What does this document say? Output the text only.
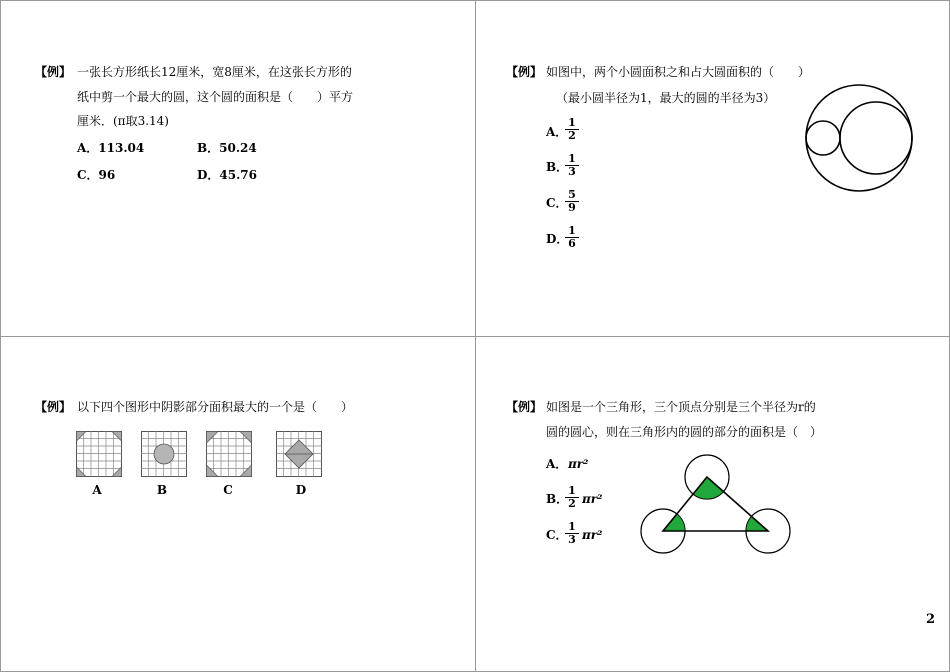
【例】 一张长方形纸长12厘米，宽8厘米，在这张长方形的
纸中剪一个最大的圆，这个圆的面积是（　　）平方
厘米．(π取3.14)
A．113.04	B．50.24
C．96	D．45.76
【例】 如图中，两个小圆面积之和占大圆面积的（　　）
（最小圆半径为1，最大的圆的半径为3）
A．
$\frac{1}{2}$
B．
$\frac{1}{3}$
C．
$\frac{5}{9}$
D．
$\frac{1}{6}$
【例】 以下四个图形中阴影部分面积最大的一个是（　　）
A	B	C	D
【例】 如图是一个三角形，三个顶点分别是三个半径为r的
圆的圆心，则在三角形内的圆的部分的面积是（　）
A． πr²
B．
$\frac{1}{2} \pi r^2$
C．
$\frac{1}{3} \pi r^2$
2
